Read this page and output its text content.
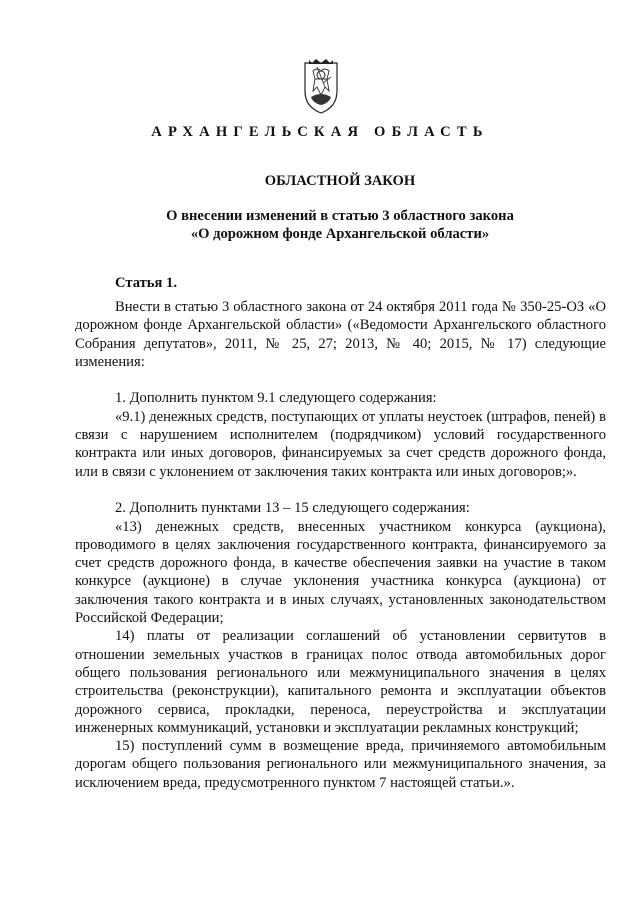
АРХАНГЕЛЬСКАЯ ОБЛАСТЬ
ОБЛАСТНОЙ ЗАКОН
О внесении изменений в статью 3 областного закона
«О дорожном фонде Архангельской области»
Статья 1.

Внести в статью 3 областного закона от 24 октября 2011 года № 350-25-ОЗ «О дорожном фонде Архангельской области» («Ведомости Архангельского областного Собрания депутатов», 2011, № 25, 27; 2013, № 40; 2015, № 17) следующие изменения:

1. Дополнить пунктом 9.1 следующего содержания:

«9.1) денежных средств, поступающих от уплаты неустоек (штрафов, пеней) в связи с нарушением исполнителем (подрядчиком) условий государственного контракта или иных договоров, финансируемых за счет средств дорожного фонда, или в связи с уклонением от заключения таких контракта или иных договоров;».

2. Дополнить пунктами 13 – 15 следующего содержания:

«13) денежных средств, внесенных участником конкурса (аукциона), проводимого в целях заключения государственного контракта, финансируемого за счет средств дорожного фонда, в качестве обеспечения заявки на участие в таком конкурсе (аукционе) в случае уклонения участника конкурса (аукциона) от заключения такого контракта и в иных случаях, установленных законодательством Российской Федерации;

14) платы от реализации соглашений об установлении сервитутов в отношении земельных участков в границах полос отвода автомобильных дорог общего пользования регионального или межмуниципального значения в целях строительства (реконструкции), капитального ремонта и эксплуатации объектов дорожного сервиса, прокладки, переноса, переустройства и эксплуатации инженерных коммуникаций, установки и эксплуатации рекламных конструкций;

15) поступлений сумм в возмещение вреда, причиняемого автомобильным дорогам общего пользования регионального или межмуниципального значения, за исключением вреда, предусмотренного пунктом 7 настоящей статьи.».
